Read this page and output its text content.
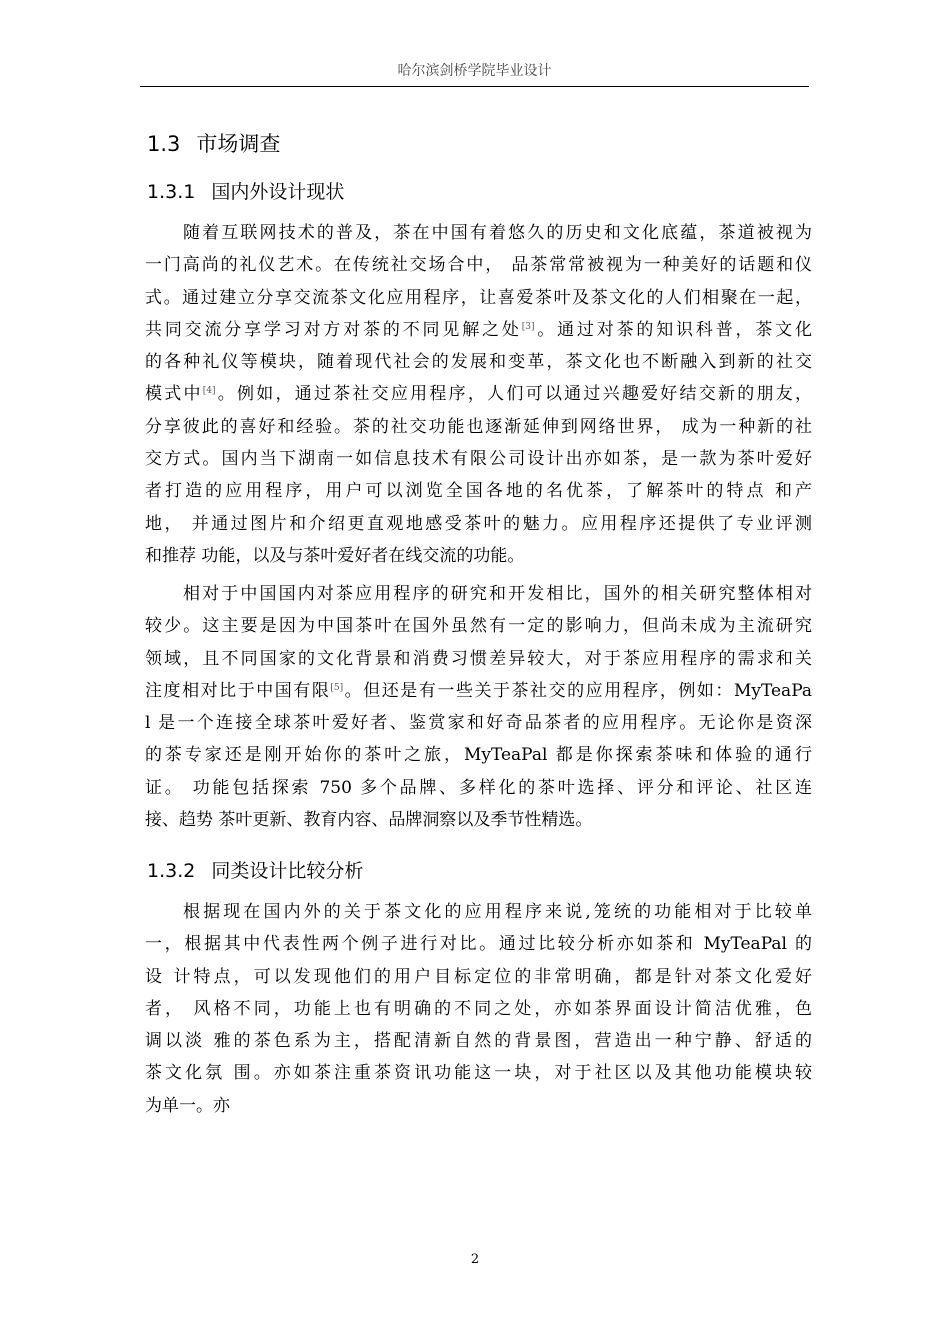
哈尔滨剑桥学院毕业设计
1.3 市场调查
1.3.1 国内外设计现状
随着互联网技术的普及，茶在中国有着悠久的历史和文化底蕴，茶道被视为
一门高尚的礼仪艺术。在传统社交场合中， 品茶常常被视为一种美好的话题和仪
式。通过建立分享交流茶文化应用程序，让喜爱茶叶及茶文化的人们相聚在一起，
共同交流分享学习对方对茶的不同见解之处[3]。通过对茶的知识科普，茶文化
的各种礼仪等模块，随着现代社会的发展和变革，茶文化也不断融入到新的社交
模式中[4]。例如，通过茶社交应用程序，人们可以通过兴趣爱好结交新的朋友，
分享彼此的喜好和经验。茶的社交功能也逐渐延伸到网络世界， 成为一种新的社
交方式。国内当下湖南一如信息技术有限公司设计出亦如茶，是一款为茶叶爱好
者打造的应用程序，用户可以浏览全国各地的名优茶，了解茶叶的特点 和产
地， 并通过图片和介绍更直观地感受茶叶的魅力。应用程序还提供了专业评测
和推荐 功能，以及与茶叶爱好者在线交流的功能。
相对于中国国内对茶应用程序的研究和开发相比，国外的相关研究整体相对
较少。这主要是因为中国茶叶在国外虽然有一定的影响力，但尚未成为主流研究
领域，且不同国家的文化背景和消费习惯差异较大，对于茶应用程序的需求和关
注度相对比于中国有限[5]。但还是有一些关于茶社交的应用程序，例如：MyTeaPa
l 是一个连接全球茶叶爱好者、鉴赏家和好奇品茶者的应用程序。无论你是资深
的茶专家还是刚开始你的茶叶之旅，MyTeaPal 都是你探索茶味和体验的通行
证。 功能包括探索 750 多个品牌、多样化的茶叶选择、评分和评论、社区连
接、趋势 茶叶更新、教育内容、品牌洞察以及季节性精选。
1.3.2 同类设计比较分析
根据现在国内外的关于茶文化的应用程序来说,笼统的功能相对于比较单
一，根据其中代表性两个例子进行对比。通过比较分析亦如茶和 MyTeaPal 的
设 计特点，可以发现他们的用户目标定位的非常明确，都是针对茶文化爱好
者， 风格不同，功能上也有明确的不同之处，亦如茶界面设计简洁优雅，色
调以淡 雅的茶色系为主，搭配清新自然的背景图，营造出一种宁静、舒适的
茶文化氛 围。亦如茶注重茶资讯功能这一块，对于社区以及其他功能模块较
为单一。亦
2
